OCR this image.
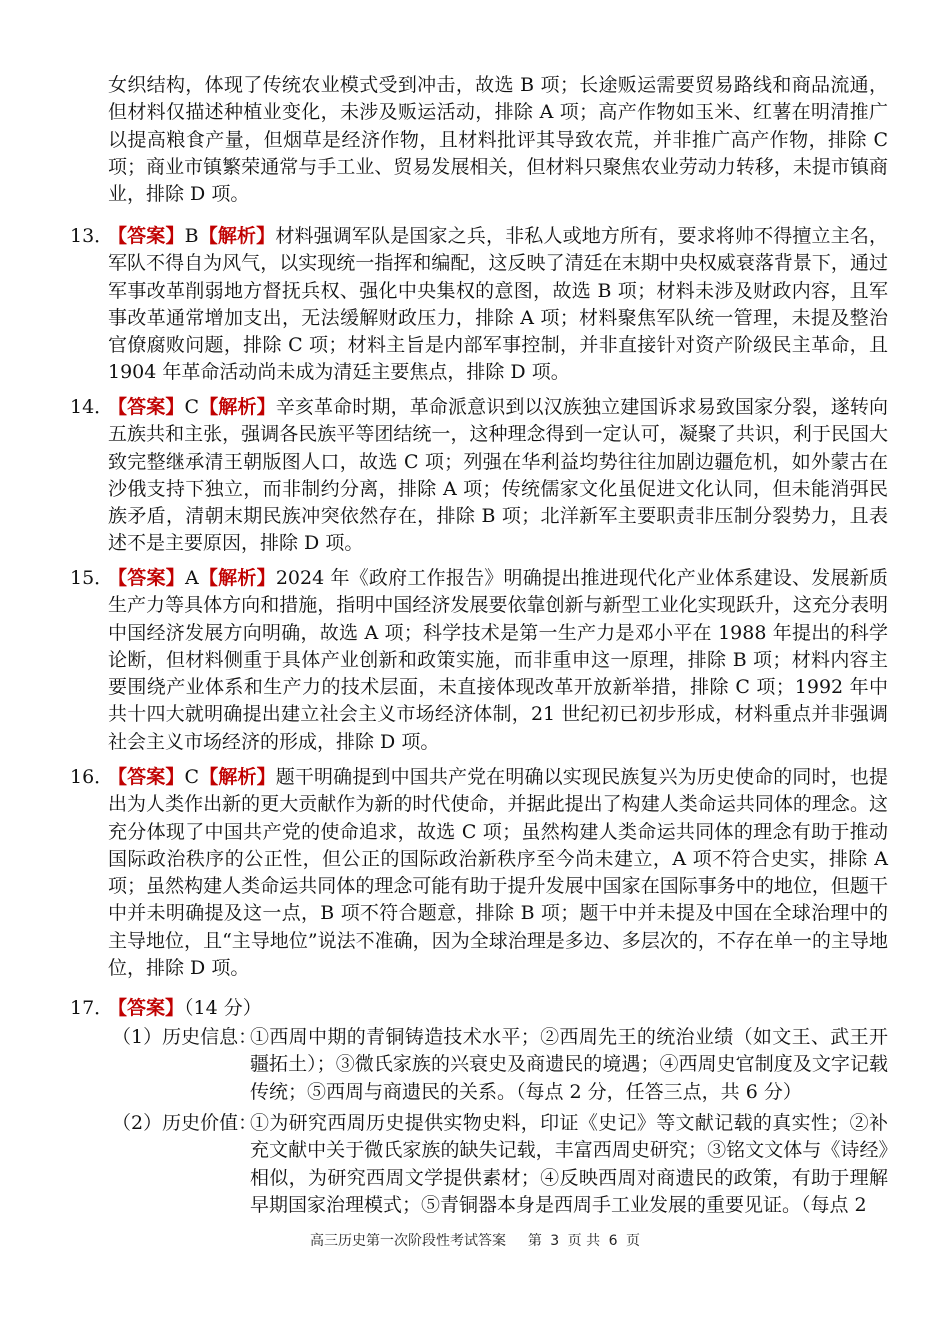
女织结构，体现了传统农业模式受到冲击，故选 B 项；长途贩运需要贸易路线和商品流通，但材料仅描述种植业变化，未涉及贩运活动，排除 A 项；高产作物如玉米、红薯在明清推广以提高粮食产量，但烟草是经济作物，且材料批评其导致农荒，并非推广高产作物，排除 C 项；商业市镇繁荣通常与手工业、贸易发展相关，但材料只聚焦农业劳动力转移，未提市镇商业，排除 D 项。

13．
【答案】B【解析】材料强调军队是国家之兵，非私人或地方所有，要求将帅不得擅立主名，军队不得自为风气，以实现统一指挥和编配，这反映了清廷在末期中央权威衰落背景下，通过军事改革削弱地方督抚兵权、强化中央集权的意图，故选 B 项；材料未涉及财政内容，且军事改革通常增加支出，无法缓解财政压力，排除 A 项；材料聚焦军队统一管理，未提及整治官僚腐败问题，排除 C 项；材料主旨是内部军事控制，并非直接针对资产阶级民主革命，且 1904 年革命活动尚未成为清廷主要焦点，排除 D 项。
14．
【答案】C【解析】辛亥革命时期，革命派意识到以汉族独立建国诉求易致国家分裂，遂转向五族共和主张，强调各民族平等团结统一，这种理念得到一定认可，凝聚了共识，利于民国大致完整继承清王朝版图人口，故选 C 项；列强在华利益均势往往加剧边疆危机，如外蒙古在沙俄支持下独立，而非制约分离，排除 A 项；传统儒家文化虽促进文化认同，但未能消弭民族矛盾，清朝末期民族冲突依然存在，排除 B 项；北洋新军主要职责非压制分裂势力，且表述不是主要原因，排除 D 项。
15．
【答案】A【解析】2024 年《政府工作报告》明确提出推进现代化产业体系建设、发展新质生产力等具体方向和措施，指明中国经济发展要依靠创新与新型工业化实现跃升，这充分表明中国经济发展方向明确，故选 A 项；科学技术是第一生产力是邓小平在 1988 年提出的科学论断，但材料侧重于具体产业创新和政策实施，而非重申这一原理，排除 B 项；材料内容主要围绕产业体系和生产力的技术层面，未直接体现改革开放新举措，排除 C 项；1992 年中共十四大就明确提出建立社会主义市场经济体制，21 世纪初已初步形成，材料重点并非强调社会主义市场经济的形成，排除 D 项。
16．
【答案】C【解析】题干明确提到中国共产党在明确以实现民族复兴为历史使命的同时，也提出为人类作出新的更大贡献作为新的时代使命，并据此提出了构建人类命运共同体的理念。这充分体现了中国共产党的使命追求，故选 C 项；虽然构建人类命运共同体的理念有助于推动国际政治秩序的公正性，但公正的国际政治新秩序至今尚未建立，A 项不符合史实，排除 A 项；虽然构建人类命运共同体的理念可能有助于提升发展中国家在国际事务中的地位，但题干中并未明确提及这一点，B 项不符合题意，排除 B 项；题干中并未提及中国在全球治理中的主导地位，且“主导地位”说法不准确，因为全球治理是多边、多层次的，不存在单一的主导地位，排除 D 项。
17．
【答案】（14 分）
（1）历史信息：
①西周中期的青铜铸造技术水平；②西周先王的统治业绩（如文王、武王开疆拓土）；③微氏家族的兴衰史及商遗民的境遇；④西周史官制度及文字记载传统；⑤西周与商遗民的关系。（每点 2 分，任答三点，共 6 分）
（2）历史价值：
①为研究西周历史提供实物史料，印证《史记》等文献记载的真实性；②补充文献中关于微氏家族的缺失记载，丰富西周史研究；③铭文文体与《诗经》相似，为研究西周文学提供素材；④反映西周对商遗民的政策，有助于理解早期国家治理模式；⑤青铜器本身是西周手工业发展的重要见证。（每点 2
高三历史第一次阶段性考试答案 第 3 页 共 6 页
